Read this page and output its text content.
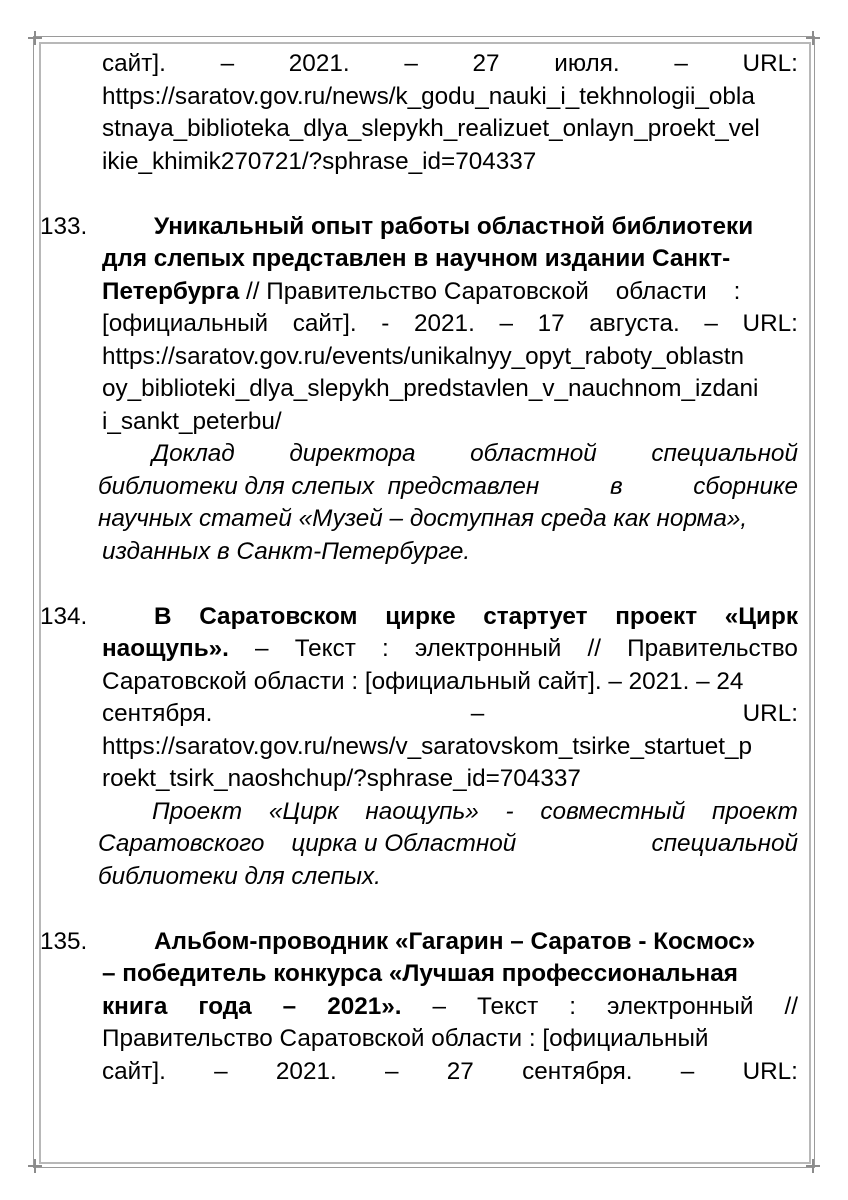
сайт]. – 2021. – 27 июля. – URL:
https://saratov.gov.ru/news/k_godu_nauki_i_tekhnologii_obla
stnaya_biblioteka_dlya_slepykh_realizuet_onlayn_proekt_vel
ikie_khimik270721/?sphrase_id=704337
133.	Уникальный опыт работы областной библиотеки
для слепых представлен в научном издании Санкт-
Петербурга // Правительство Саратовской    области    :
[официальный сайт]. - 2021. – 17 августа. – URL:
https://saratov.gov.ru/events/unikalnyy_opyt_raboty_oblastn
oy_biblioteki_dlya_slepykh_predstavlen_v_nauchnom_izdani
i_sankt_peterbu/
Доклад директора областной специальной
библиотеки для слепых  представлен	в	сборнике
научных статей «Музей – доступная среда как норма»,
изданных в Санкт-Петербурге.
134.	В Саратовском цирке стартует проект «Цирк
наощупь». – Текст : электронный // Правительство
Саратовской области : [официальный сайт]. – 2021. – 24
сентября.	–	URL:
https://saratov.gov.ru/news/v_saratovskom_tsirke_startuet_p
roekt_tsirk_naoshchup/?sphrase_id=704337
Проект «Цирк наощупь» - совместный проект
Саратовского    цирка и Областной	специальной
библиотеки для слепых.
135.	Альбом-проводник «Гагарин – Саратов - Космос»
– победитель конкурса «Лучшая профессиональная
книга года – 2021». – Текст : электронный //
Правительство Саратовской области : [официальный
сайт]. – 2021. – 27 сентября. – URL:
